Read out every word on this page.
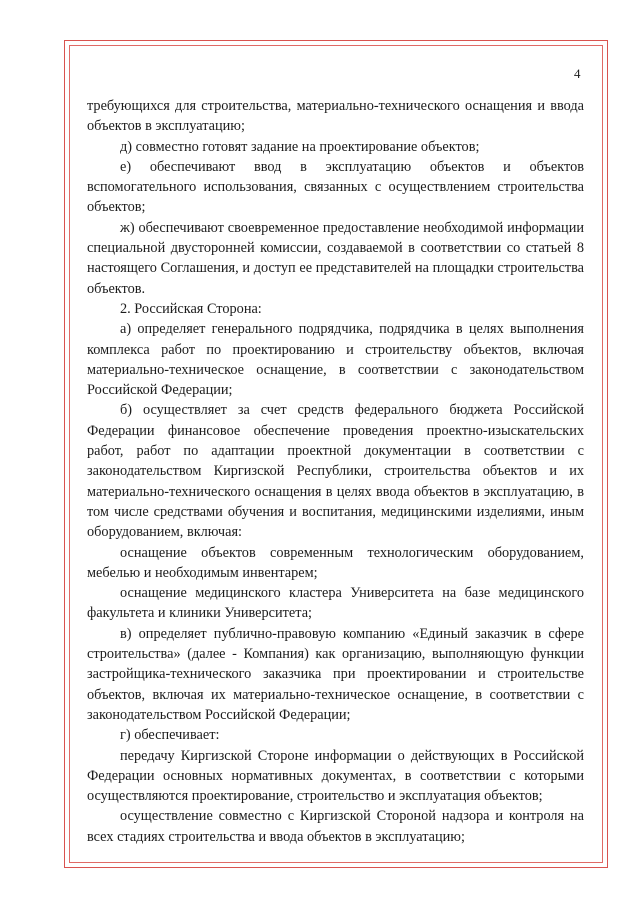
4

требующихся для строительства, материально-технического оснащения и ввода объектов в эксплуатацию;

д) совместно готовят задание на проектирование объектов;

е) обеспечивают ввод в эксплуатацию объектов и объектов вспомогательного использования, связанных с осуществлением строительства объектов;

ж) обеспечивают своевременное предоставление необходимой информации специальной двусторонней комиссии, создаваемой в соответствии со статьей 8 настоящего Соглашения, и доступ ее представителей на площадки строительства объектов.

2. Российская Сторона:

а) определяет генерального подрядчика, подрядчика в целях выполнения комплекса работ по проектированию и строительству объектов, включая материально-техническое оснащение, в соответствии с законодательством Российской Федерации;

б) осуществляет за счет средств федерального бюджета Российской Федерации финансовое обеспечение проведения проектно-изыскательских работ, работ по адаптации проектной документации в соответствии с законодательством Киргизской Республики, строительства объектов и их материально-технического оснащения в целях ввода объектов в эксплуатацию, в том числе средствами обучения и воспитания, медицинскими изделиями, иным оборудованием, включая:

оснащение объектов современным технологическим оборудованием, мебелью и необходимым инвентарем;

оснащение медицинского кластера Университета на базе медицинского факультета и клиники Университета;

в) определяет публично-правовую компанию «Единый заказчик в сфере строительства» (далее - Компания) как организацию, выполняющую функции застройщика-технического заказчика при проектировании и строительстве объектов, включая их материально-техническое оснащение, в соответствии с законодательством Российской Федерации;

г) обеспечивает:

передачу Киргизской Стороне информации о действующих в Российской Федерации основных нормативных документах, в соответствии с которыми осуществляются проектирование, строительство и эксплуатация объектов;

осуществление совместно с Киргизской Стороной надзора и контроля на всех стадиях строительства и ввода объектов в эксплуатацию;
